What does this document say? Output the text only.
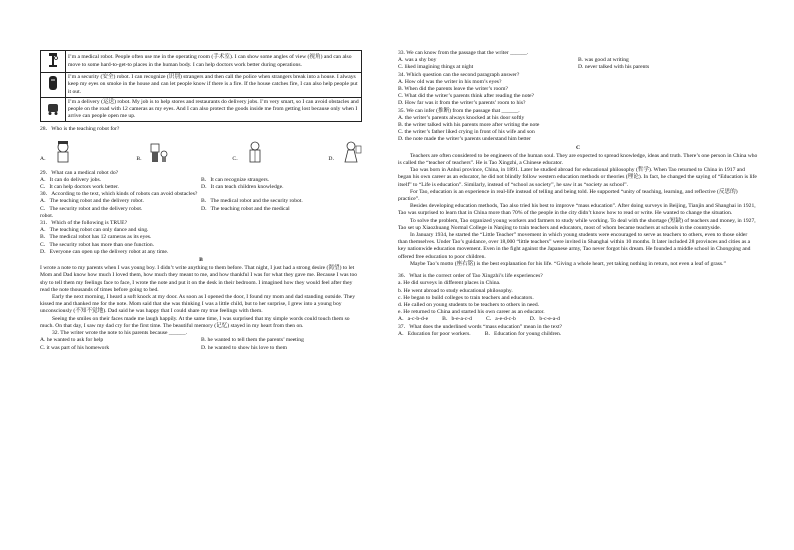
	I’m a medical robot. People often use me in the operating room (手术室). I can show some angles of view (视角) and can also move to some hard-to-get-to places in the human body. I can help doctors work better during operations.
	I’m a security (安全) robot. I can recognize (识别) strangers and then call the police when strangers break into a house. I always keep my eyes on smoke in the house and can let people know if there is a fire. If the house catches fire, I can also help people put it out.
	I’m a delivery (运送) robot. My job is to help stores and restaurants do delivery jobs. I’m very smart, so I can avoid obstacles and people on the road with 12 cameras as my eyes. And I can also protect the goods inside me from getting lost because only when I arrive can people open me up.

28．Who is the teaching robot for?

A．	B．	C．	D．

29．What can a medical robot do?

A．It can do delivery jobs.	B．It can recognize strangers.
C．It can help doctors work better.	D．It can teach children knowledge.

30．According to the text, which kinds of robots can avoid obstacles?

A．The teaching robot and the delivery robot.	B．The medical robot and the security robot.
C．The security robot and the delivery robot.	D．The teaching robot and the medical

robot.

31．Which of the following is TRUE?

A．The teaching robot can only dance and sing.

B．The medical robot has 12 cameras as its eyes.

C．The security robot has more than one function.

D．Everyone can open up the delivery robot at any time.

B

I wrote a note to my parents when I was young boy. I didn’t write anything to them before. That night, I just had a strong desire (渴望) to let Mom and Dad know how much I loved them, how much they meant to me, and how thankful I was for what they gave me. Because I was too shy to tell them my feelings face to face, I wrote the note and put it on the desk in their bedroom. I imagined how they would feel after they read the note thousands of times before going to bed.

Early the next morning, I heard a soft knock at my door. As soon as I opened the door, I found my mom and dad standing outside. They kissed me and thanked me for the note. Mom said that she was thinking I was a little child, but to her surprise, I grew into a young boy unconsciously (不知不觉地). Dad said he was happy that I could share my true feelings with them.

Seeing the smiles on their faces made me laugh happily. At the same time, I was surprised that my simple words could touch them so much. On that day, I saw my dad cry for the first time. The beautiful memory (记忆) stayed in my heart from then on.

32. The writer wrote the note to his parents because ______.

A. he wanted to ask for help	B. he wanted to tell them the parents’ meeting
C. it was part of his homework	D. he wanted to show his love to them

33. We can know from the passage that the writer ______.

A. was a shy boy	B. was good at writing
C. liked imagining things at night	D. never talked with his parents

34. Which question can the second paragraph answer?

A. How old was the writer in his mom’s eyes?

B. When did the parents leave the writer’s room?

C. What did the writer’s parents think after reading the note?

D. How far was it from the writer’s parents’ room to his?

35. We can infer (推断) from the passage that ______.

A. the writer’s parents always knocked at his door softly

B. the writer talked with his parents more after writing the note

C. the writer’s father liked crying in front of his wife and son

D. the note made the writer’s parents understand him better

C

Teachers are often considered to be engineers of the human soul. They are expected to spread knowledge, ideas and truth. There’s one person in China who is called the “teacher of teachers”. He is Tao Xingzhi, a Chinese educator.

Tao was born in Anhui province, China, in 1891. Later he studied abroad for educational philosophy (哲学). When Tao returned to China in 1917 and began his own career as an educator, he did not blindly follow western education methods or theories (理论). In fact, he changed the saying of “Education is life itself” to “Life is education”. Similarly, instead of “school as society”, he saw it as “society as school”.

For Tao, education is an experience in real-life instead of telling and being told. He supported “unity of teaching, learning, and reflective (反思的) practice”.

Besides developing education methods, Tao also tried his best to improve “mass education”. After doing surveys in Beijing, Tianjin and Shanghai in 1921, Tao was surprised to learn that in China more than 70% of the people in the city didn’t know how to read or write. He wanted to change the situation.

To solve the problem, Tao organized young workers and farmers to study while working. To deal with the shortage (短缺) of teachers and money, in 1927, Tao set up Xiaozhuang Normal College in Nanjing to train teachers and educators, most of whom became teachers at schools in the countryside.

In January 1934, he started the “Little Teacher” movement in which young students were encouraged to serve as teachers to others, even to those older than themselves. Under Tao’s guidance, over 18,000 “little teachers” were invited in Shanghai within 10 months. It later included 28 provinces and cities as a key nationwide education movement. Even in the fight against the Japanese army, Tao never forgot his dream. He founded a middle school in Chongqing and offered free education to poor children.

Maybe Tao’s motto (座右铭) is the best explanation for his life. “Giving a whole heart, yet taking nothing in return, not even a leaf of grass.”

36．What is the correct order of Tao Xingzhi’s life experiences?

a. He did surveys in different places in China.

b. He went abroad to study educational philosophy.

c. He began to build colleges to train teachers and educators.

d. He called on young students to be teachers to others in need.

e. He returned to China and started his own career as an educator.

A．a-c-b-d-e	B．b-e-a-c-d	C．a-e-d-c-b	D．b-c-e-a-d

37．What does the underlined words “mass education” mean in the text?

A．Education for poor workers.	B．Education for young children.
